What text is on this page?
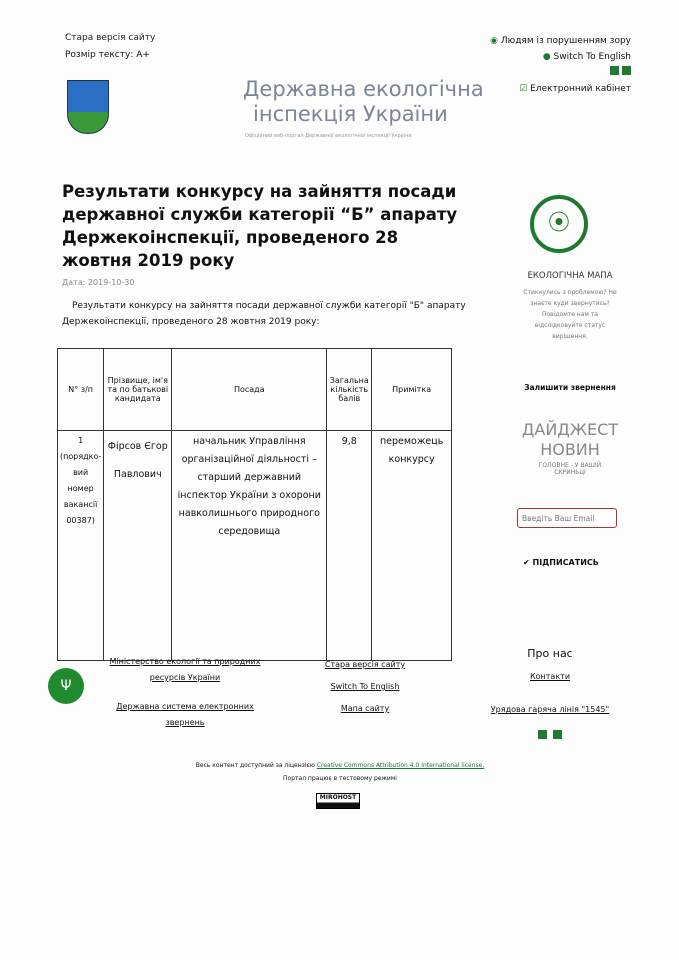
Стара версія сайту
Розмір тексту: A+
Державна екологічна
інспекція України
Офіційний веб-портал Державної екологічної інспекції України
◉ Людям із порушенням зору
● Switch To English

☑ Електронний кабінет
Результати конкурсу на зайняття посади державної служби категорії “Б” апарату Держекоінспекції, проведеного 28 жовтня 2019 року
Дата: 2019-10-30

Результати конкурсу на зайняття посади державної служби категорії "Б" апарату Держекоінспекції, проведеного 28 жовтня 2019 року:

N° з/п	Прізвище, ім'я та по батькові кандидата	Посада	Загальна кількість балів	Примітка
1 (порядко-вий номер вакансії 00387)	Фірсов Єгор Павлович	начальник Управління організаційної діяльності – старший державний інспектор України з охорони навколишнього природного середовища	9,8	переможець конкурсу
⦿
ЕКОЛОГІЧНА МАПА
Стикнулись з проблемою? Не знаєте куди звернутись? Повідомте нам та відслідковуйте статус вирішення.
Залишити звернення
ДАЙДЖЕСТ НОВИН
ГОЛОВНЕ - У ВАШІЙ СКРИНЬЦІ
Введіть Ваш Email
✔ ПІДПИСАТИСЬ
Ψ
Міністерство екології та природних ресурсів України

Державна система електронних звернень
Стара версія сайту
Switch To English
Мапа сайту
Про нас
Контакти
Урядова гаряча лінія "1545"

Весь контент доступний за ліцензією Creative Commons Attribution 4.0 International license.
Портал працює в тестовому режимі
MIROHOST
